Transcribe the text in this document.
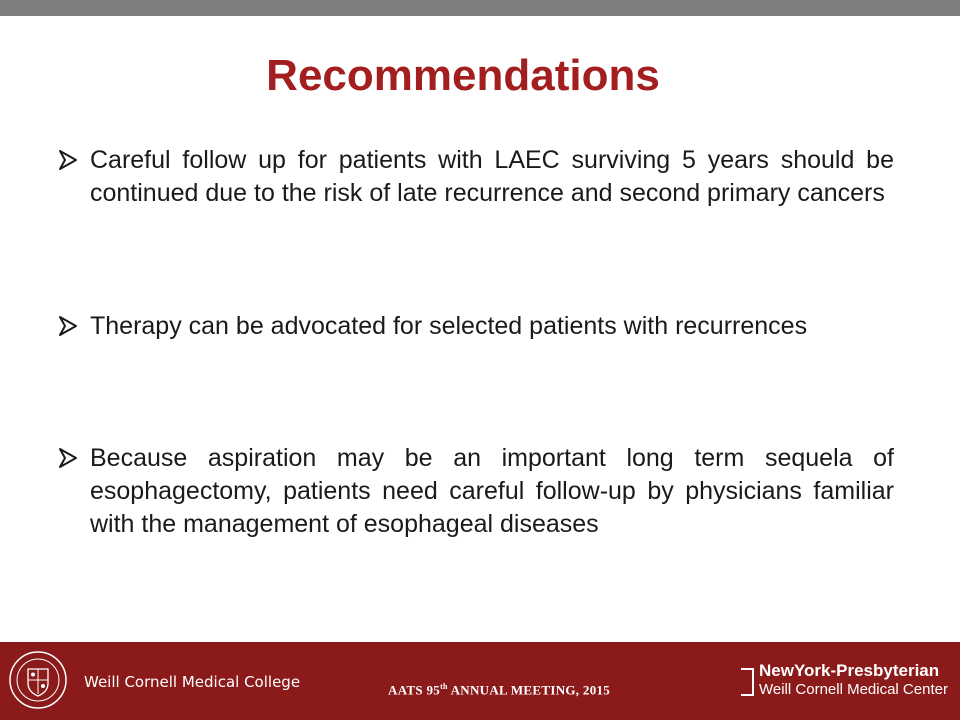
Recommendations
Careful follow up for patients with LAEC surviving 5 years should be continued due to the risk of late recurrence and second primary cancers
Therapy can be advocated for selected patients with recurrences
Because aspiration may be an important long term sequela of esophagectomy, patients need careful follow-up by physicians familiar with the management of esophageal diseases
Weill Cornell Medical College	AATS 95th ANNUAL MEETING, 2015
NewYork-Presbyterian
Weill Cornell Medical Center
